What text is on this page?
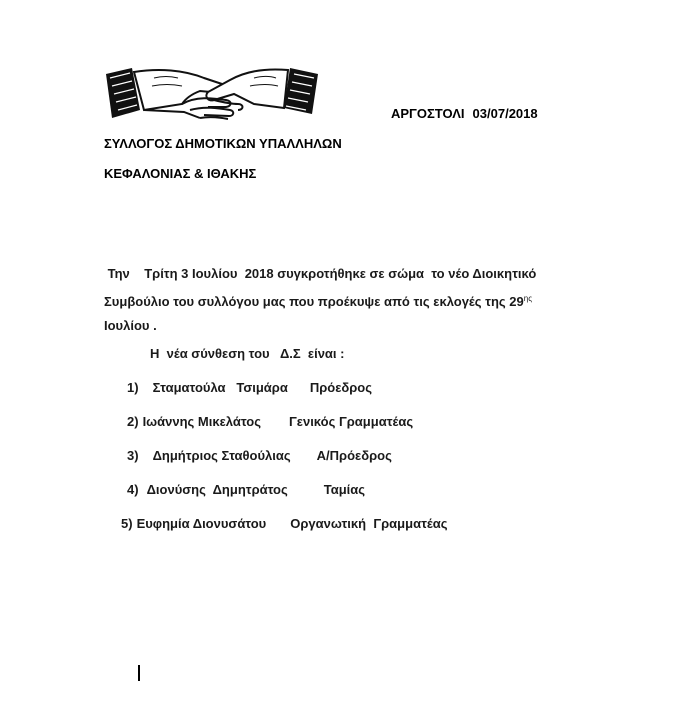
ΑΡΓΟΣΤΟΛΙ 03/07/2018
ΣΥΛΛΟΓΟΣ ΔΗΜΟΤΙΚΩΝ ΥΠΑΛΛΗΛΩΝ
ΚΕΦΑΛΟΝΙΑΣ & ΙΘΑΚΗΣ
Την    Τρίτη 3 Ιουλίου  2018 συγκροτήθηκε σε σώμα  το νέο Διοικητικό
Συμβούλιο του συλλόγου μας που προέκυψε από τις εκλογές της $29^{\eta\varsigma}$
Ιουλίου .
Η  νέα σύνθεση του   Δ.Σ  είναι :
1) Σταματούλα   Τσιμάρα Πρόεδρος
2) Ιωάννης Μικελάτος Γενικός Γραμματέας
3) Δημήτριος Σταθούλιας Α/Πρόεδρος
4) Διονύσης  Δημητράτος	Ταμίας
5) Ευφημία Διονυσάτου Οργανωτική  Γραμματέας
